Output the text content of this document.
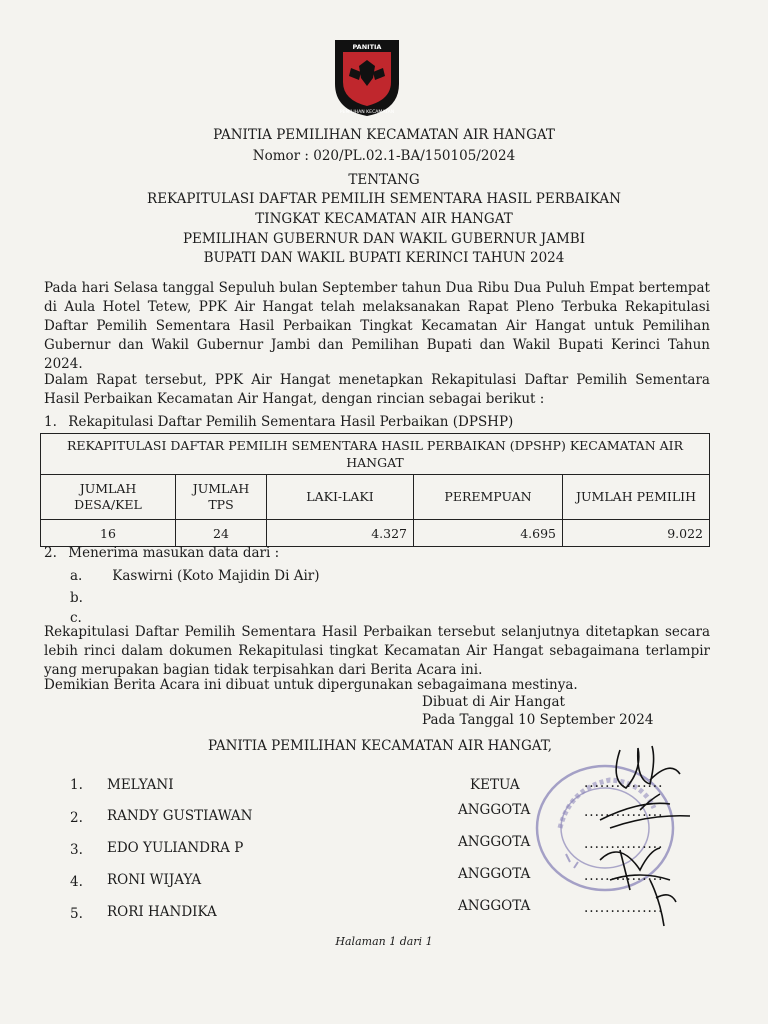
PANITIA
PEMILIHAN KECAMATAN
PANITIA PEMILIHAN KECAMATAN AIR HANGAT
Nomor : 020/PL.02.1-BA/150105/2024
TENTANG
REKAPITULASI DAFTAR PEMILIH SEMENTARA HASIL PERBAIKAN
TINGKAT KECAMATAN AIR HANGAT
PEMILIHAN GUBERNUR DAN WAKIL GUBERNUR JAMBI
BUPATI DAN WAKIL BUPATI KERINCI TAHUN 2024
Pada hari Selasa tanggal Sepuluh bulan September tahun Dua Ribu Dua Puluh Empat bertempat di Aula Hotel Tetew, PPK Air Hangat telah melaksanakan Rapat Pleno Terbuka Rekapitulasi Daftar Pemilih Sementara Hasil Perbaikan Tingkat Kecamatan Air Hangat untuk Pemilihan Gubernur dan Wakil Gubernur Jambi dan Pemilihan Bupati dan Wakil Bupati Kerinci Tahun 2024.
Dalam Rapat tersebut, PPK Air Hangat menetapkan Rekapitulasi Daftar Pemilih Sementara Hasil Perbaikan Kecamatan Air Hangat, dengan rincian sebagai berikut :
1. Rekapitulasi Daftar Pemilih Sementara Hasil Perbaikan (DPSHP)
REKAPITULASI DAFTAR PEMILIH SEMENTARA HASIL PERBAIKAN (DPSHP) KECAMATAN AIR HANGAT				
JUMLAH DESA/KEL	JUMLAH TPS	LAKI-LAKI	PEREMPUAN	JUMLAH PEMILIH
16	24	4.327	4.695	9.022
2. Menerima masukan data dari :
a. Kaswirni (Koto Majidin Di Air)
b.
c.
Rekapitulasi Daftar Pemilih Sementara Hasil Perbaikan tersebut selanjutnya ditetapkan secara lebih rinci dalam dokumen Rekapitulasi tingkat Kecamatan Air Hangat sebagaimana terlampir yang merupakan bagian tidak terpisahkan dari Berita Acara ini.
Demikian Berita Acara ini dibuat untuk dipergunakan sebagaimana mestinya.
Dibuat di Air Hangat
Pada Tanggal 10 September 2024
PANITIA PEMILIHAN KECAMATAN AIR HANGAT,
1. MELYANI	KETUA	...............
2. RANDY GUSTIAWAN	ANGGOTA	...............
3. EDO YULIANDRA P	ANGGOTA	...............
4. RONI WIJAYA	ANGGOTA	...............
5. RORI HANDIKA	ANGGOTA	...............
Halaman 1 dari 1
